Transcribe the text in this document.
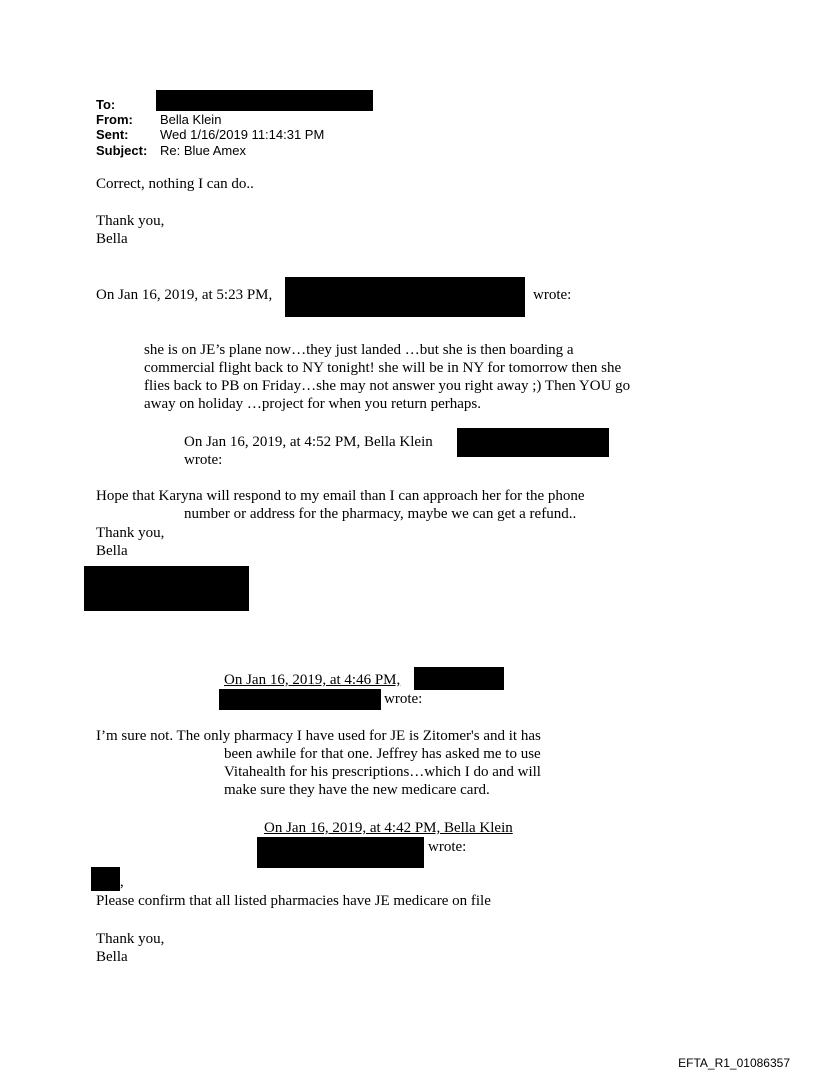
To:
From: Bella Klein
Sent: Wed 1/16/2019 11:14:31 PM
Subject: Re: Blue Amex
Correct, nothing I can do..
Thank you,
Bella
On Jan 16, 2019, at 5:23 PM,	wrote:
she is on JE’s plane now…they just landed …but she is then boarding a
commercial flight back to NY tonight! she will be in NY for tomorrow then she
flies back to PB on Friday…she may not answer you right away ;) Then YOU go
away on holiday …project for when you return perhaps.
On Jan 16, 2019, at 4:52 PM, Bella Klein
wrote:
Hope that Karyna will respond to my email than I can approach her for the phone
number or address for the pharmacy, maybe we can get a refund..
Thank you,
Bella
On Jan 16, 2019, at 4:46 PM,
wrote:
I’m sure not. The only pharmacy I have used for JE is Zitomer's and it has
been awhile for that one. Jeffrey has asked me to use
Vitahealth for his prescriptions…which I do and will
make sure they have the new medicare card.
On Jan 16, 2019, at 4:42 PM, Bella Klein
wrote:
,
Please confirm that all listed pharmacies have JE medicare on file
Thank you,
Bella
EFTA_R1_01086357
